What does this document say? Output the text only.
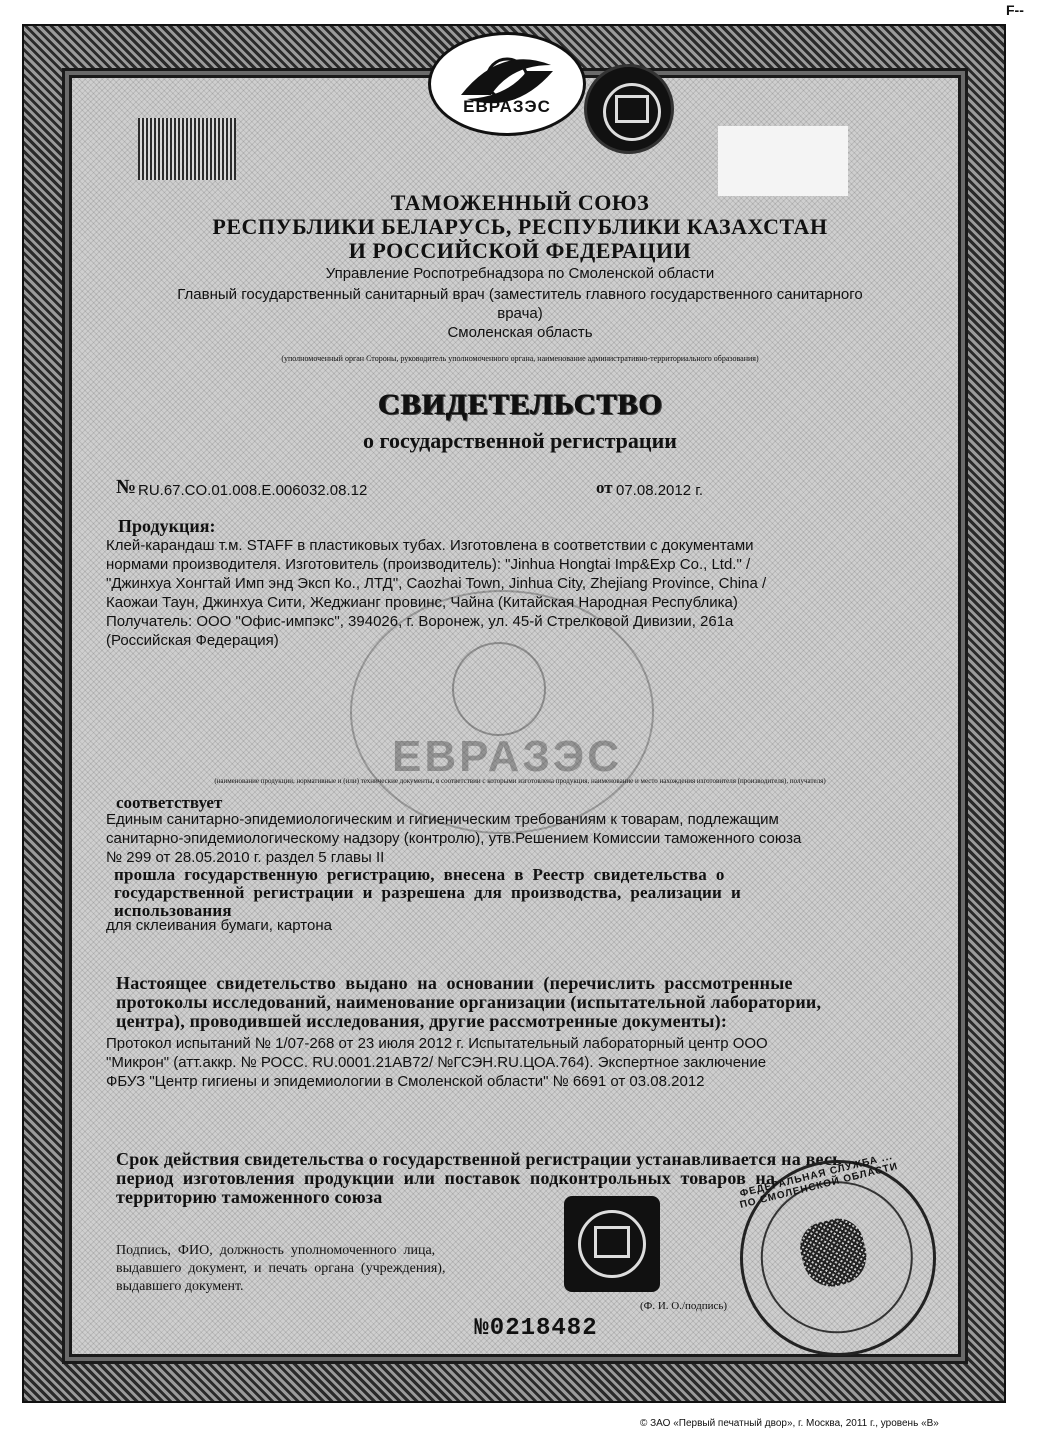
F--
ЕВРАЗЭС
ТАМОЖЕННЫЙ СОЮЗ
РЕСПУБЛИКИ БЕЛАРУСЬ, РЕСПУБЛИКИ КАЗАХСТАН
И РОССИЙСКОЙ ФЕДЕРАЦИИ
Управление Роспотребнадзора по Смоленской области
Главный государственный санитарный врач (заместитель главного государственного санитарного
врача)
Смоленская область
(уполномоченный орган Стороны, руководитель уполномоченного органа, наименование административно-территориального образования)
СВИДЕТЕЛЬСТВО
о государственной регистрации
№ RU.67.CO.01.008.E.006032.08.12	от 07.08.2012 г.
ЕВРАЗЭС
Продукция:
Клей-карандаш т.м. STAFF в пластиковых тубах. Изготовлена в соответствии с документами
нормами производителя. Изготовитель (производитель): "Jinhua Hongtai Imp&Exp Co., Ltd." /
"Джинхуа Хонгтай Имп энд Эксп Ко., ЛТД", Caozhai Town, Jinhua City, Zhejiang Province, China /
Каожаи Таун, Джинхуа Сити, Жеджианг провинс, Чайна (Китайская Народная Республика)
Получатель: ООО "Офис-импэкс", 394026, г. Воронеж, ул. 45-й Стрелковой Дивизии, 261а
(Российская Федерация)
(наименование продукции, нормативные и (или) технические документы, в соответствии с которыми изготовлена продукция, наименование и место нахождения изготовителя (производителя), получателя)
соответствует
Единым санитарно-эпидемиологическим и гигиеническим требованиям к товарам, подлежащим
санитарно-эпидемиологическому надзору (контролю), утв.Решением Комиссии таможенного союза
№ 299 от 28.05.2010 г. раздел 5 главы II
прошла  государственную  регистрацию,  внесена  в  Реестр  свидетельства  о
государственной  регистрации  и  разрешена  для  производства,  реализации  и
использования
для склеивания бумаги, картона
Настоящее  свидетельство  выдано  на  основании  (перечислить  рассмотренные
протоколы исследований, наименование организации (испытательной лаборатории,
центра), проводившей исследования, другие рассмотренные документы):
Протокол испытаний № 1/07-268 от 23 июля 2012 г. Испытательный лабораторный центр ООО
"Микрон" (атт.аккр. № РОСС. RU.0001.21АВ72/ №ГСЭН.RU.ЦОА.764). Экспертное заключение
ФБУЗ "Центр гигиены и эпидемиологии в Смоленской области" № 6691 от 03.08.2012
Срок действия свидетельства о государственной регистрации устанавливается на весь
период  изготовления  продукции  или  поставок  подконтрольных  товаров  на
территорию таможенного союза
Подпись,  ФИО,  должность  уполномоченного  лица,
выдавшего  документ,  и  печать  органа  (учреждения),
выдавшего документ.
(Ф. И. О./подпись)
ФЕДЕРАЛЬНАЯ СЛУЖБА ... ПО СМОЛЕНСКОЙ ОБЛАСТИ
№0218482
© ЗАО «Первый печатный двор», г. Москва, 2011 г., уровень «В»
